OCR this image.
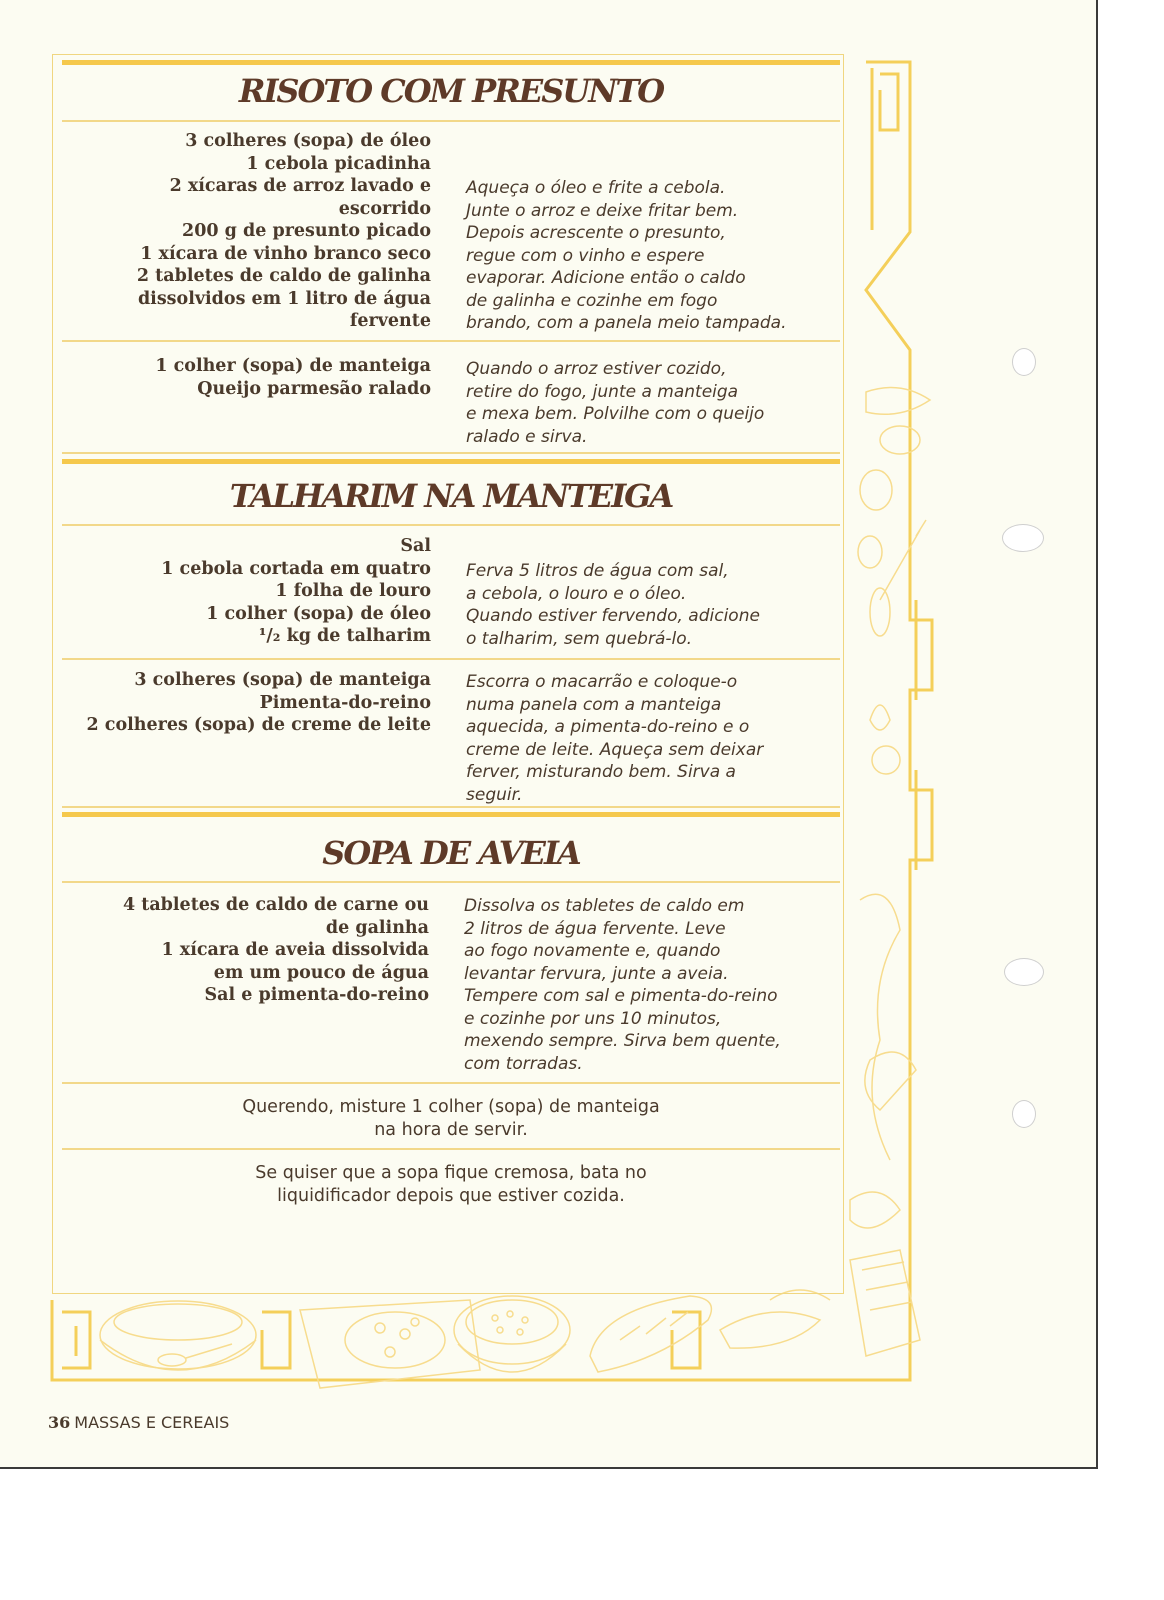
RISOTO COM PRESUNTO
3 colheres (sopa) de óleo
1 cebola picadinha
2 xícaras de arroz lavado e
escorrido
200 g de presunto picado
1 xícara de vinho branco seco
2 tabletes de caldo de galinha
dissolvidos em 1 litro de água
fervente
Aqueça o óleo e frite a cebola.
Junte o arroz e deixe fritar bem.
Depois acrescente o presunto,
regue com o vinho e espere
evaporar. Adicione então o caldo
de galinha e cozinhe em fogo
brando, com a panela meio tampada.
1 colher (sopa) de manteiga
Queijo parmesão ralado
Quando o arroz estiver cozido,
retire do fogo, junte a manteiga
e mexa bem. Polvilhe com o queijo
ralado e sirva.
TALHARIM NA MANTEIGA
Sal
1 cebola cortada em quatro
1 folha de louro
1 colher (sopa) de óleo
¹/₂ kg de talharim
Ferva 5 litros de água com sal,
a cebola, o louro e o óleo.
Quando estiver fervendo, adicione
o talharim, sem quebrá-lo.
3 colheres (sopa) de manteiga
Pimenta-do-reino
2 colheres (sopa) de creme de leite
Escorra o macarrão e coloque-o
numa panela com a manteiga
aquecida, a pimenta-do-reino e o
creme de leite. Aqueça sem deixar
ferver, misturando bem. Sirva a
seguir.
SOPA DE AVEIA
4 tabletes de caldo de carne ou
de galinha
1 xícara de aveia dissolvida
em um pouco de água
Sal e pimenta-do-reino
Dissolva os tabletes de caldo em
2 litros de água fervente. Leve
ao fogo novamente e, quando
levantar fervura, junte a aveia.
Tempere com sal e pimenta-do-reino
e cozinhe por uns 10 minutos,
mexendo sempre. Sirva bem quente,
com torradas.
Querendo, misture 1 colher (sopa) de manteiga
na hora de servir.
Se quiser que a sopa fique cremosa, bata no
liquidificador depois que estiver cozida.
36 MASSAS E CEREAIS
